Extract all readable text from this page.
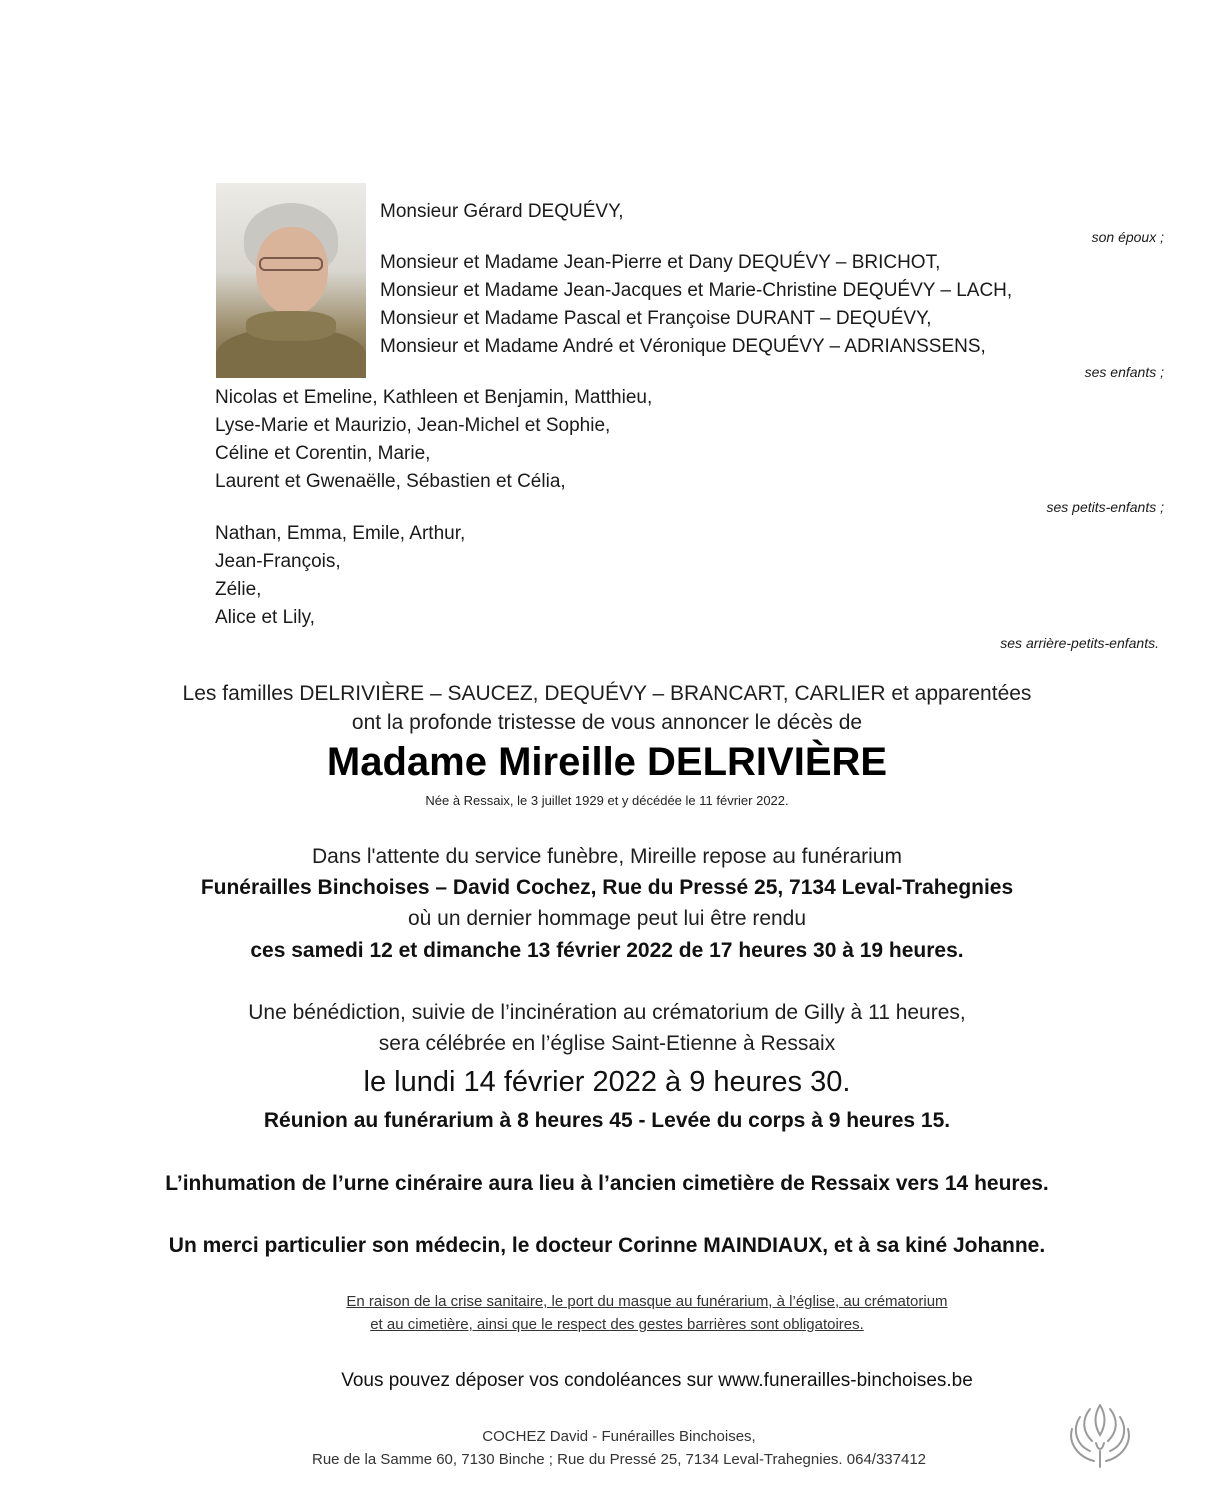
Monsieur Gérard DEQUÉVY,
son époux ;
Monsieur et Madame Jean-Pierre et Dany DEQUÉVY – BRICHOT,
Monsieur et Madame Jean-Jacques et Marie-Christine DEQUÉVY – LACH,
Monsieur et Madame Pascal et Françoise DURANT – DEQUÉVY,
Monsieur et Madame André et Véronique DEQUÉVY – ADRIANSSENS,
ses enfants ;
Nicolas et Emeline, Kathleen et Benjamin, Matthieu,
Lyse-Marie et Maurizio, Jean-Michel et Sophie,
Céline et Corentin, Marie,
Laurent et Gwenaëlle, Sébastien et Célia,
ses petits-enfants ;
Nathan, Emma, Emile, Arthur,
Jean-François,
Zélie,
Alice et Lily,
ses arrière-petits-enfants.
Les familles DELRIVIÈRE – SAUCEZ, DEQUÉVY – BRANCART, CARLIER et apparentées
ont la profonde tristesse de vous annoncer le décès de
Madame Mireille DELRIVIÈRE
Née à Ressaix, le 3 juillet 1929 et y décédée le 11 février 2022.
Dans l'attente du service funèbre, Mireille repose au funérarium
Funérailles Binchoises – David Cochez, Rue du Pressé 25, 7134 Leval-Trahegnies
où un dernier hommage peut lui être rendu
ces samedi 12 et dimanche 13 février 2022 de 17 heures 30 à 19 heures.
Une bénédiction, suivie de l’incinération au crématorium de Gilly à 11 heures,
sera célébrée en l’église Saint-Etienne à Ressaix
le lundi 14 février 2022 à 9 heures 30.
Réunion au funérarium à 8 heures 45 - Levée du corps à 9 heures 15.
L’inhumation de l’urne cinéraire aura lieu à l’ancien cimetière de Ressaix vers 14 heures.
Un merci particulier son médecin, le docteur Corinne MAINDIAUX, et à sa kiné Johanne.
En raison de la crise sanitaire, le port du masque au funérarium, à l’église, au crématorium
et au cimetière, ainsi que le respect des gestes barrières sont obligatoires.
Vous pouvez déposer vos condoléances sur www.funerailles-binchoises.be
COCHEZ David - Funérailles Binchoises,
Rue de la Samme 60, 7130 Binche ; Rue du Pressé 25, 7134 Leval-Trahegnies. 064/337412
